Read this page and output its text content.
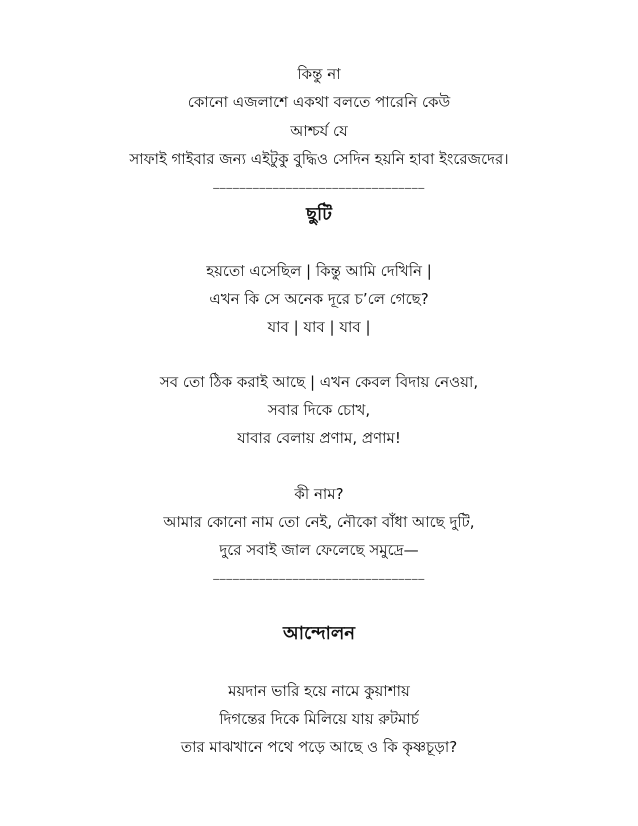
কিন্তু না
কোনো এজলাশে একথা বলতে পারেনি কেউ
আশ্চর্য যে
সাফাই গাইবার জন্য এইটুকু বুদ্ধিও সেদিন হয়নি হাবা ইংরেজদের।
————————————————————————————————
ছুটি
হয়তো এসেছিল | কিন্তু আমি দেখিনি |
এখন কি সে অনেক দূরে চ’লে গেছে?
যাব | যাব | যাব |
সব তো ঠিক করাই আছে | এখন কেবল বিদায় নেওয়া,
সবার দিকে চোখ,
যাবার বেলায় প্রণাম, প্রণাম!
কী নাম?
আমার কোনো নাম তো নেই, নৌকো বাঁধা আছে দুটি,
দুরে সবাই জাল ফেলেছে সমুদ্রে—
————————————————————————————————
আন্দোলন
ময়দান ভারি হয়ে নামে কুয়াশায়
দিগন্তের দিকে মিলিয়ে যায় রুটমার্চ
তার মাঝখানে পথে পড়ে আছে ও কি কৃষ্ণচূড়া?
